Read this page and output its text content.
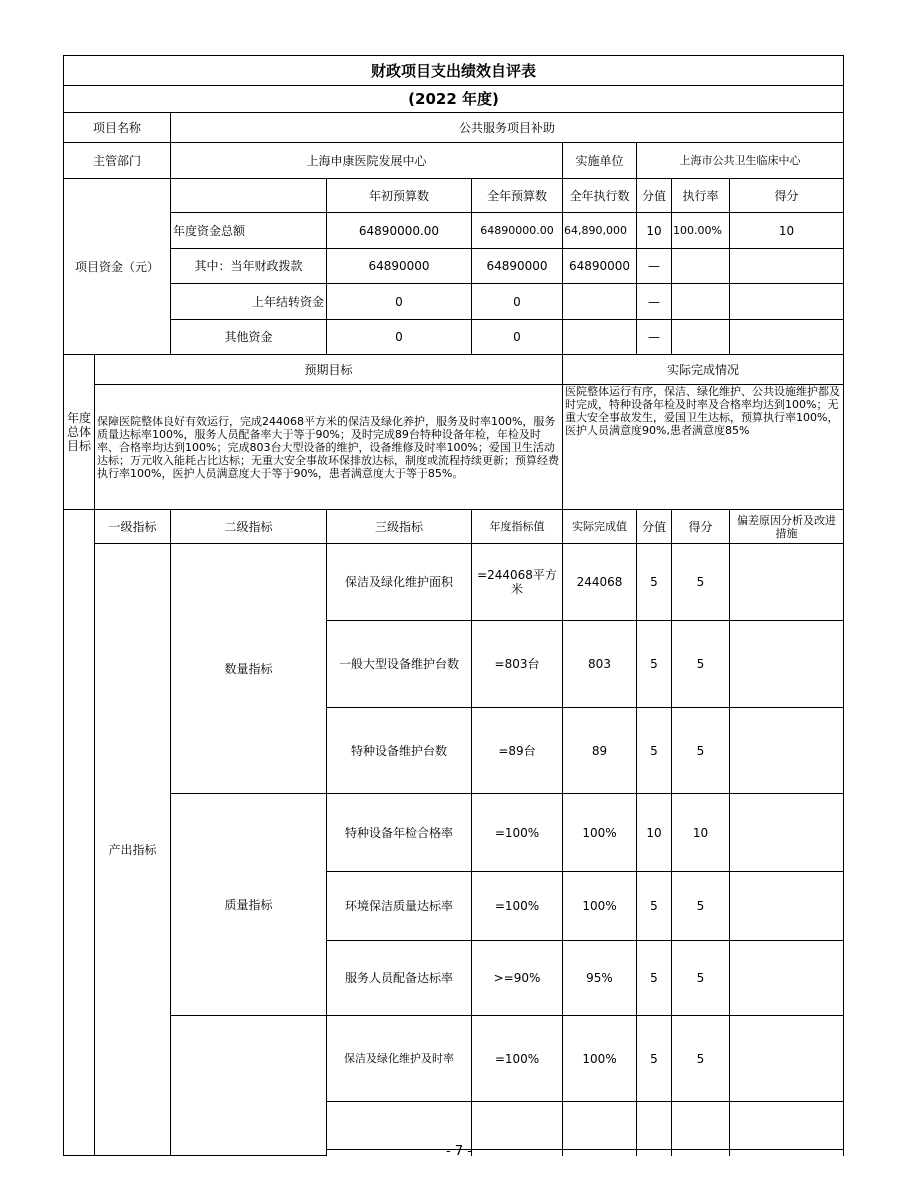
财政项目支出绩效自评表								
(2022 年度)								
项目名称		公共服务项目补助						
主管部门		上海申康医院发展中心			实施单位	上海市公共卫生临床中心		
项目资金（元）			年初预算数	全年预算数	全年执行数	分值	执行率	得分
		年度资金总额	64890000.00	64890000.00	64,890,000	10	100.00%	10
		其中：当年财政拨款	64890000	64890000	64890000	—		
		上年结转资金	0	0		—		
		其他资金	0	0		—		

年度总体目标	预期目标				实际完成情况			
	保障医院整体良好有效运行，完成244068平方米的保洁及绿化养护，服务及时率100%，服务质量达标率100%，服务人员配备率大于等于90%；及时完成89台特种设备年检，年检及时率、合格率均达到100%；完成803台大型设备的维护，设备维修及时率100%；爱国卫生活动达标；万元收入能耗占比达标；无重大安全事故环保排放达标，制度或流程持续更新；预算经费执行率100%，医护人员满意度大于等于90%，患者满意度大于等于85%。				医院整体运行有序，保洁、绿化维护、公共设施维护都及时完成，特种设备年检及时率及合格率均达到100%；无重大安全事故发生，爱国卫生达标，预算执行率100%，医护人员满意度90%,患者满意度85%			
	一级指标	二级指标	三级指标	年度指标值	实际完成值	分值	得分	偏差原因分析及改进措施
	产出指标	数量指标	保洁及绿化维护面积	=244068平方米	244068	5	5	
			一般大型设备维护台数	=803台	803	5	5	
			特种设备维护台数	=89台	89	5	5	
		质量指标	特种设备年检合格率	=100%	100%	10	10	
			环境保洁质量达标率	=100%	100%	5	5	
			服务人员配备达标率	>=90%	95%	5	5	
			保洁及绿化维护及时率	=100%	100%	5	5	

- 7 -
